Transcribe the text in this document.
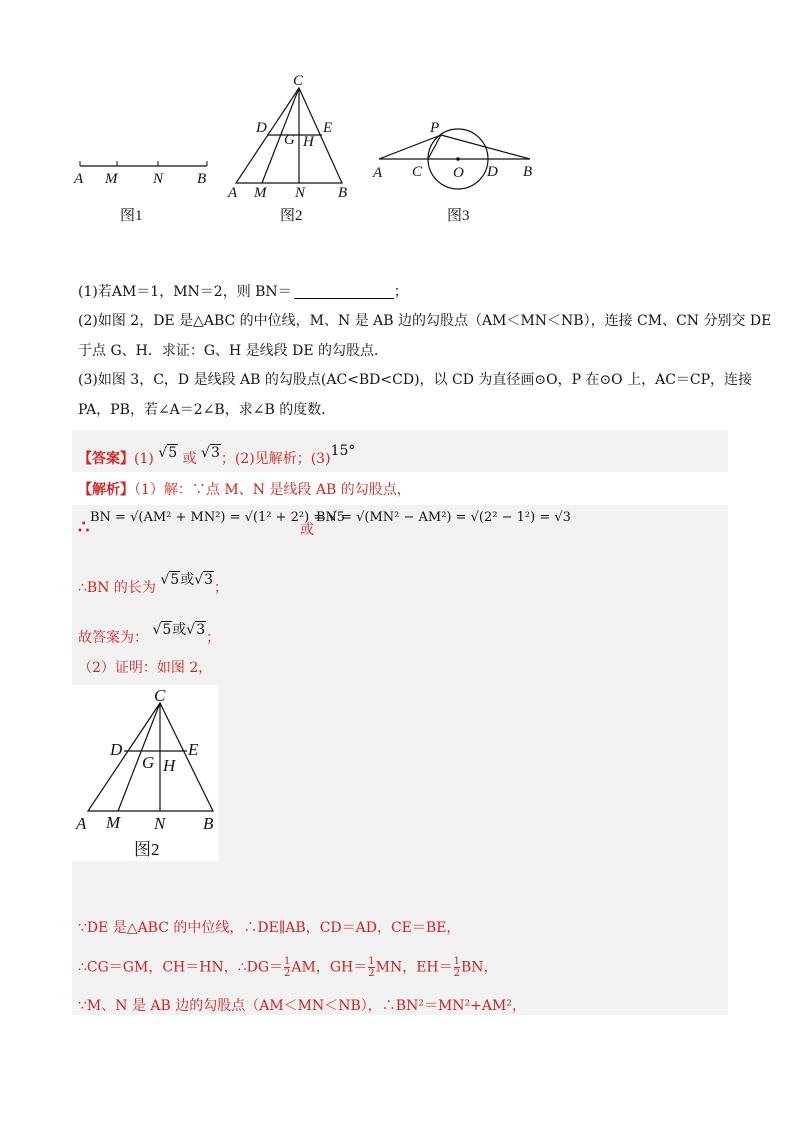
A M N B
图1
C
D	E
G H
A M N B
图2
P
A C O D B
图3
(1)若AM＝1，MN＝2，则 BN＝	；
(2)如图 2，DE 是△ABC 的中位线，M、N 是 AB 边的勾股点（AM＜MN＜NB），连接 CM、CN 分别交 DE
于点 G、H．求证：G、H 是线段 DE 的勾股点．
(3)如图 3，C，D 是线段 AB 的勾股点(AC<BD<CD)，以 CD 为直径画⊙O，P 在⊙O 上，AC＝CP，连接
PA，PB，若∠A＝2∠B，求∠B 的度数．
【答案】(1) √5 或 √3；(2)见解析；(3)15°
【解析】（1）解：∵点 M、N 是线段 AB 的勾股点，
∴ BN = √(AM² + MN²) = √(1² + 2²) = √5
或
BN = √(MN² − AM²) = √(2² − 1²) = √3
∴BN 的长为 √5或√3；
故答案为： √5或√3；
（2）证明：如图 2，
C
D	E
G H
A M N B
图2
∵DE 是△ABC 的中位线，∴DE∥AB，CD＝AD，CE＝BE，
∴CG＝GM，CH＝HN，∴DG＝ $\frac{1}{2}$ AM，$GH= \frac{1}{2}$ MN，$EH= \frac{1}{2}$ BN，
∵M、N 是 AB 边的勾股点（AM＜MN＜NB），∴BN²＝MN²+AM²，
